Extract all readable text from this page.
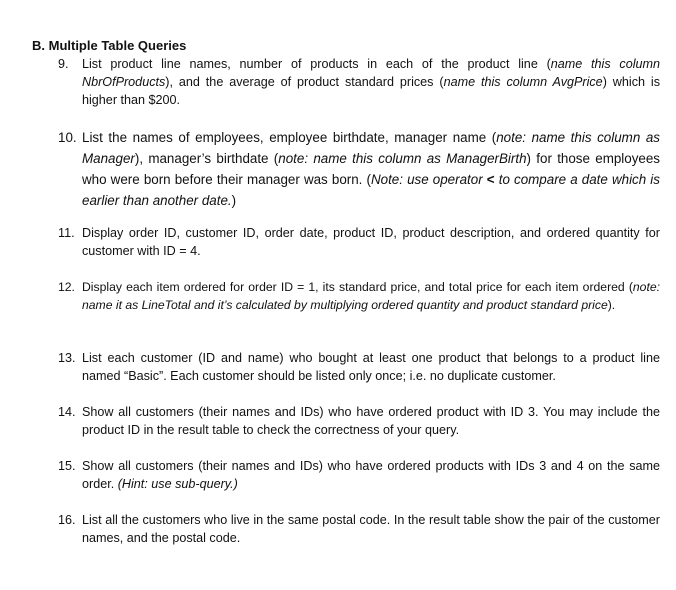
B. Multiple Table Queries
9. List product line names, number of products in each of the product line (name this column NbrOfProducts), and the average of product standard prices (name this column AvgPrice) which is higher than $200.
10. List the names of employees, employee birthdate, manager name (note: name this column as Manager), manager’s birthdate (note: name this column as ManagerBirth) for those employees who were born before their manager was born. (Note: use operator < to compare a date which is earlier than another date.)
11. Display order ID, customer ID, order date, product ID, product description, and ordered quantity for customer with ID = 4.
12. Display each item ordered for order ID = 1, its standard price, and total price for each item ordered (note: name it as LineTotal and it’s calculated by multiplying ordered quantity and product standard price).
13. List each customer (ID and name) who bought at least one product that belongs to a product line named “Basic”. Each customer should be listed only once; i.e. no duplicate customer.
14. Show all customers (their names and IDs) who have ordered product with ID 3. You may include the product ID in the result table to check the correctness of your query.
15. Show all customers (their names and IDs) who have ordered products with IDs 3 and 4 on the same order. (Hint: use sub-query.)
16. List all the customers who live in the same postal code. In the result table show the pair of the customer names, and the postal code.
